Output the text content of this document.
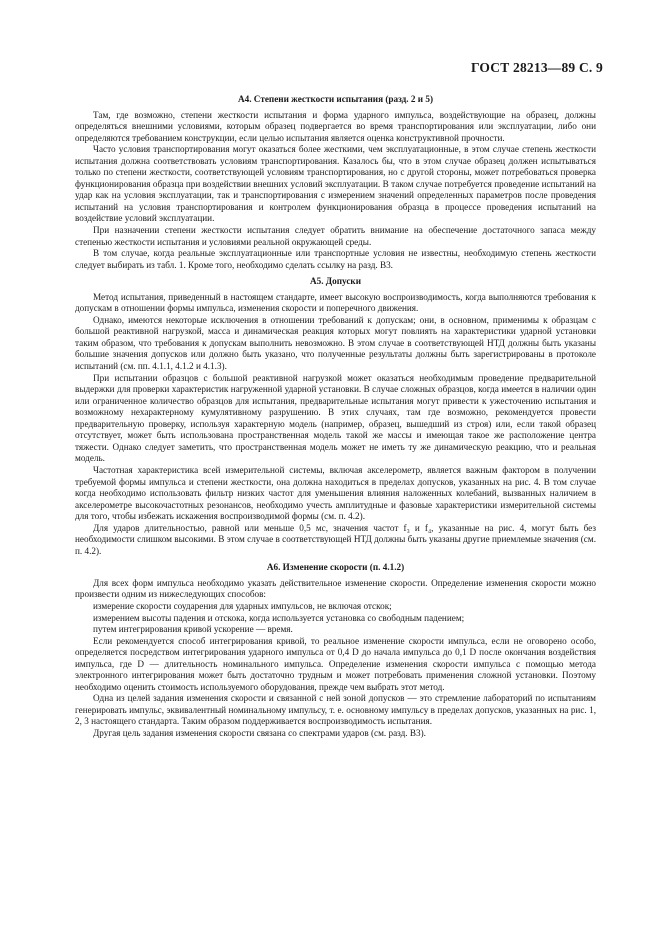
ГОСТ 28213—89 С. 9
А4. Степени жесткости испытания (разд. 2 и 5)

Там, где возможно, степени жесткости испытания и форма ударного импульса, воздействующие на образец, должны определяться внешними условиями, которым образец подвергается во время транспортирования или эксплуатации, либо они определяются требованием конструкции, если целью испытания является оценка конструктивной прочности.

Часто условия транспортирования могут оказаться более жесткими, чем эксплуатационные, в этом случае степень жесткости испытания должна соответствовать условиям транспортирования. Казалось бы, что в этом случае образец должен испытываться только по степени жесткости, соответствующей условиям транспортирования, но с другой стороны, может потребоваться проверка функционирования образца при воздействии внешних условий эксплуатации. В таком случае потребуется проведение испытаний на удар как на условия эксплуатации, так и транспортирования с измерением значений определенных параметров после проведения испытаний на условия транспортирования и контролем функционирования образца в процессе проведения испытаний на воздействие условий эксплуатации.

При назначении степени жесткости испытания следует обратить внимание на обеспечение достаточного запаса между степенью жесткости испытания и условиями реальной окружающей среды.

В том случае, когда реальные эксплуатационные или транспортные условия не известны, необходимую степень жесткости следует выбирать из табл. 1. Кроме того, необходимо сделать ссылку на разд. В3.

А5. Допуски

Метод испытания, приведенный в настоящем стандарте, имеет высокую воспроизводимость, когда выполняются требования к допускам в отношении формы импульса, изменения скорости и поперечного движения.

Однако, имеются некоторые исключения в отношении требований к допускам; они, в основном, применимы к образцам с большой реактивной нагрузкой, масса и динамическая реакция которых могут повлиять на характеристики ударной установки таким образом, что требования к допускам выполнить невозможно. В этом случае в соответствующей НТД должны быть указаны большие значения допусков или должно быть указано, что полученные результаты должны быть зарегистрированы в протоколе испытаний (см. пп. 4.1.1, 4.1.2 и 4.1.3).

При испытании образцов с большой реактивной нагрузкой может оказаться необходимым проведение предварительной выдержки для проверки характеристик нагруженной ударной установки. В случае сложных образцов, когда имеется в наличии один или ограниченное количество образцов для испытания, предварительные испытания могут привести к ужесточению испытания и возможному нехарактерному кумулятивному разрушению. В этих случаях, там где возможно, рекомендуется провести предварительную проверку, используя характерную модель (например, образец, вышедший из строя) или, если такой образец отсутствует, может быть использована пространственная модель такой же массы и имеющая такое же расположение центра тяжести. Однако следует заметить, что пространственная модель может не иметь ту же динамическую реакцию, что и реальная модель.

Частотная характеристика всей измерительной системы, включая акселерометр, является важным фактором в получении требуемой формы импульса и степени жесткости, она должна находиться в пределах допусков, указанных на рис. 4. В том случае когда необходимо использовать фильтр низких частот для уменьшения влияния наложенных колебаний, вызванных наличием в акселерометре высокочастотных резонансов, необходимо учесть амплитудные и фазовые характеристики измерительной системы для того, чтобы избежать искажения воспроизводимой формы (см. п. 4.2).

Для ударов длительностью, равной или меньше 0,5 мс, значения частот f₃ и f₄, указанные на рис. 4, могут быть без необходимости слишком высокими. В этом случае в соответствующей НТД должны быть указаны другие приемлемые значения (см. п. 4.2).

А6. Изменение скорости (п. 4.1.2)

Для всех форм импульса необходимо указать действительное изменение скорости. Определение изменения скорости можно произвести одним из нижеследующих способов:

измерение скорости соударения для ударных импульсов, не включая отскок;

измерением высоты падения и отскока, когда используется установка со свободным падением;

путем интегрирования кривой ускорение — время.

Если рекомендуется способ интегрирования кривой, то реальное изменение скорости импульса, если не оговорено особо, определяется посредством интегрирования ударного импульса от 0,4 D до начала импульса до 0,1 D после окончания воздействия импульса, где D — длительность номинального импульса. Определение изменения скорости импульса с помощью метода электронного интегрирования может быть достаточно трудным и может потребовать применения сложной установки. Поэтому необходимо оценить стоимость используемого оборудования, прежде чем выбрать этот метод.

Одна из целей задания изменения скорости и связанной с ней зоной допусков — это стремление лабораторий по испытаниям генерировать импульс, эквивалентный номинальному импульсу, т. е. основному импульсу в пределах допусков, указанных на рис. 1, 2, 3 настоящего стандарта. Таким образом поддерживается воспроизводимость испытания.

Другая цель задания изменения скорости связана со спектрами ударов (см. разд. В3).
